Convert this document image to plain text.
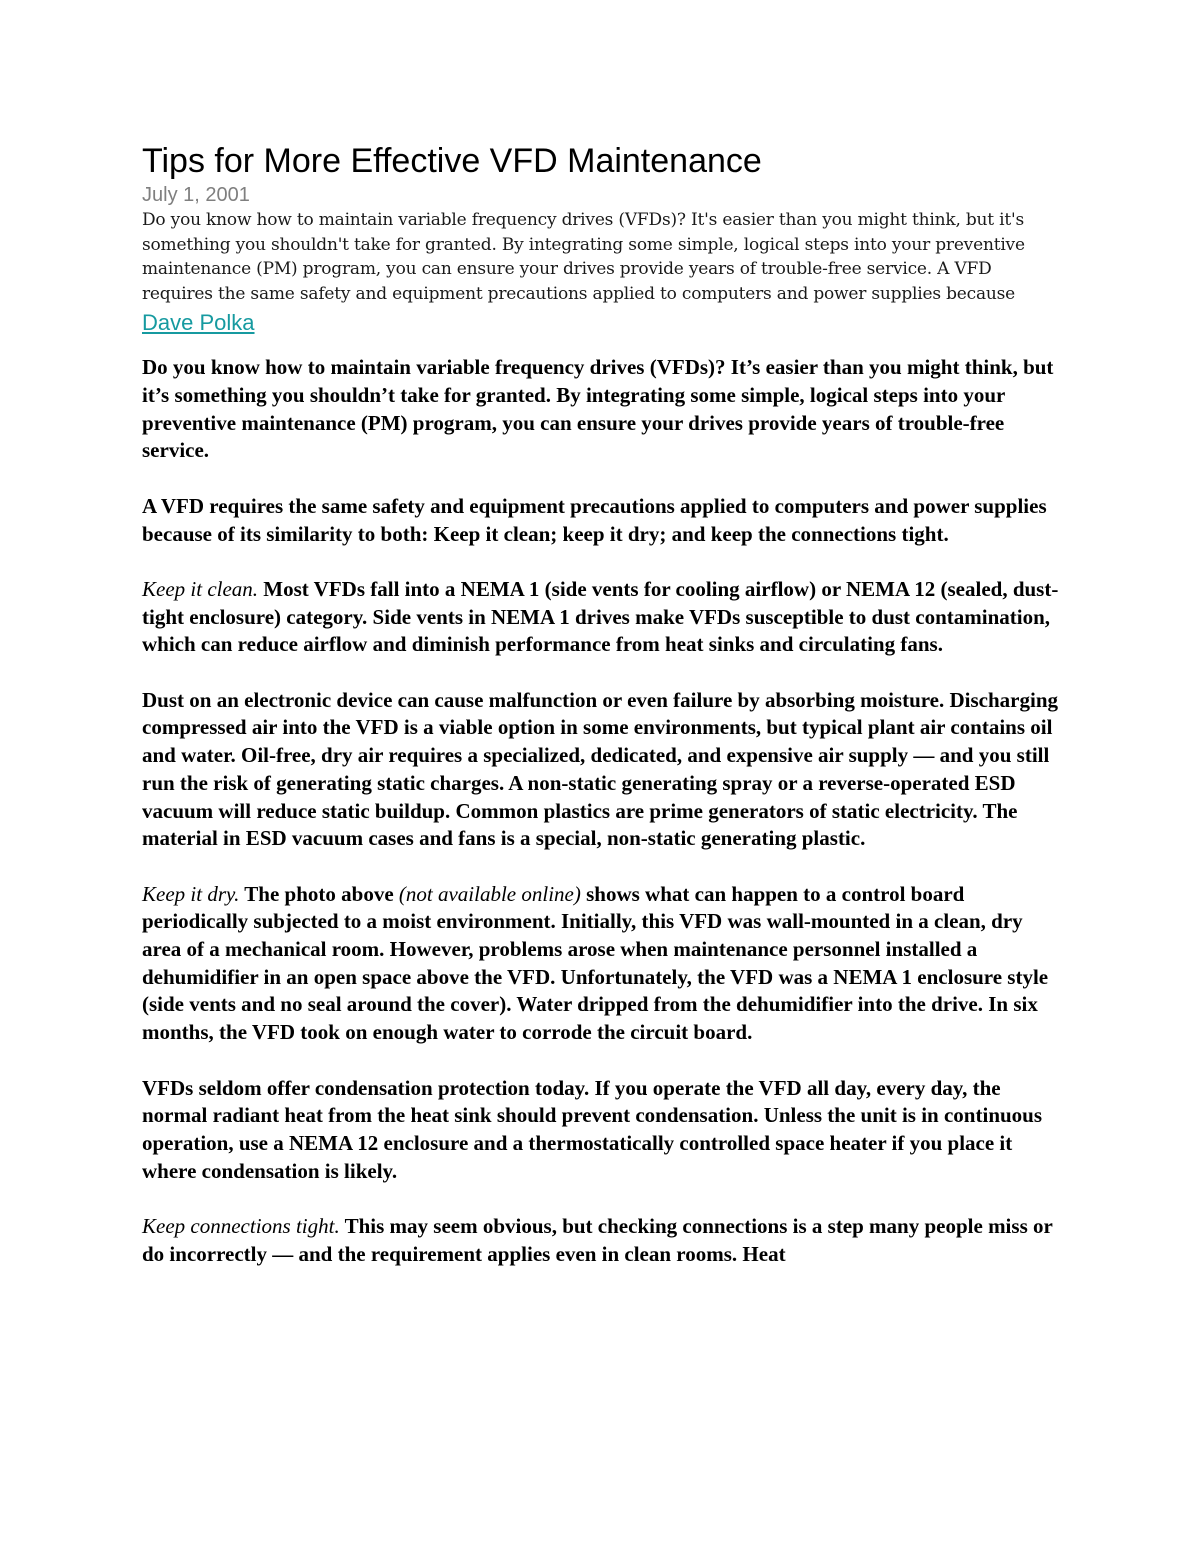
Tips for More Effective VFD Maintenance
July 1, 2001

Do you know how to maintain variable frequency drives (VFDs)? It's easier than you might think, but it's something you shouldn't take for granted. By integrating some simple, logical steps into your preventive maintenance (PM) program, you can ensure your drives provide years of trouble-free service. A VFD requires the same safety and equipment precautions applied to computers and power supplies because

Dave Polka

Do you know how to maintain variable frequency drives (VFDs)? It’s easier than you might think, but it’s something you shouldn’t take for granted. By integrating some simple, logical steps into your preventive maintenance (PM) program, you can ensure your drives provide years of trouble-free service.

A VFD requires the same safety and equipment precautions applied to computers and power supplies because of its similarity to both: Keep it clean; keep it dry; and keep the connections tight.

Keep it clean. Most VFDs fall into a NEMA 1 (side vents for cooling airflow) or NEMA 12 (sealed, dust-tight enclosure) category. Side vents in NEMA 1 drives make VFDs susceptible to dust contamination, which can reduce airflow and diminish performance from heat sinks and circulating fans.

Dust on an electronic device can cause malfunction or even failure by absorbing moisture. Discharging compressed air into the VFD is a viable option in some environments, but typical plant air contains oil and water. Oil-free, dry air requires a specialized, dedicated, and expensive air supply — and you still run the risk of generating static charges. A non-static generating spray or a reverse-operated ESD vacuum will reduce static buildup. Common plastics are prime generators of static electricity. The material in ESD vacuum cases and fans is a special, non-static generating plastic.

Keep it dry. The photo above (not available online) shows what can happen to a control board periodically subjected to a moist environment. Initially, this VFD was wall-mounted in a clean, dry area of a mechanical room. However, problems arose when maintenance personnel installed a dehumidifier in an open space above the VFD. Unfortunately, the VFD was a NEMA 1 enclosure style (side vents and no seal around the cover). Water dripped from the dehumidifier into the drive. In six months, the VFD took on enough water to corrode the circuit board.

VFDs seldom offer condensation protection today. If you operate the VFD all day, every day, the normal radiant heat from the heat sink should prevent condensation. Unless the unit is in continuous operation, use a NEMA 12 enclosure and a thermostatically controlled space heater if you place it where condensation is likely.

Keep connections tight. This may seem obvious, but checking connections is a step many people miss or do incorrectly — and the requirement applies even in clean rooms. Heat
